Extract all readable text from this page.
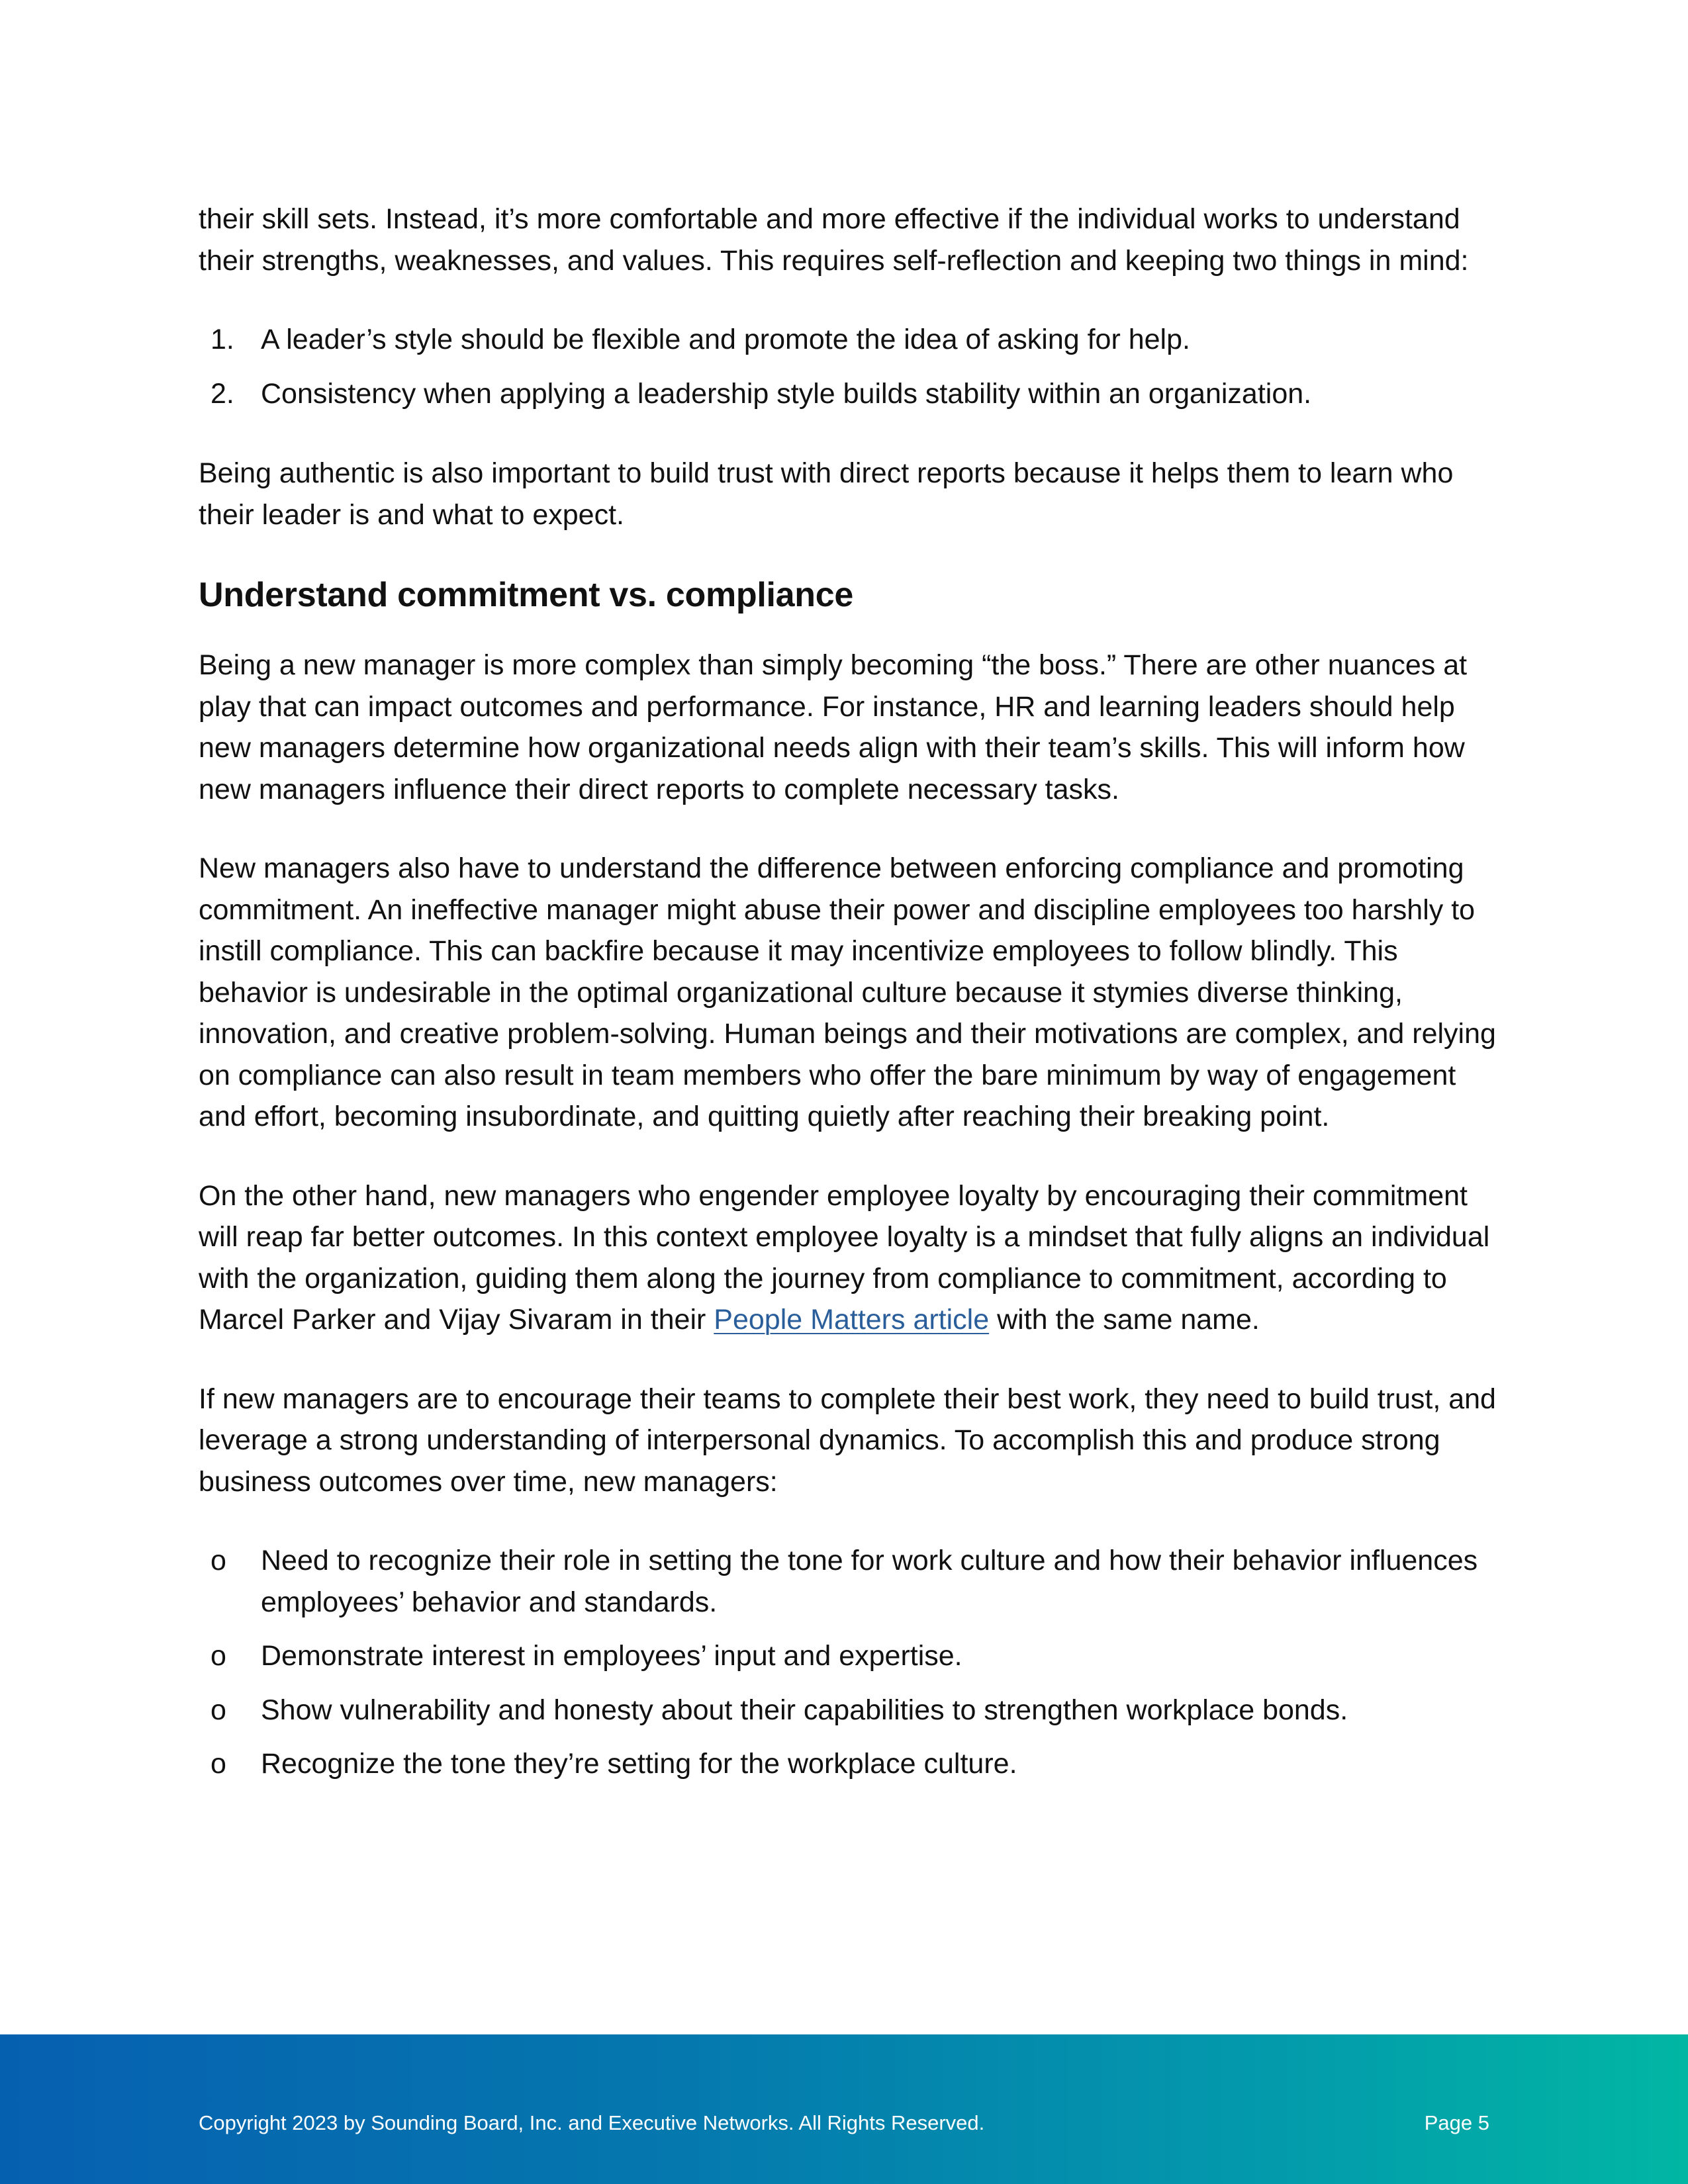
their skill sets. Instead, it’s more comfortable and more effective if the individual works to understand their strengths, weaknesses, and values. This requires self-reflection and keeping two things in mind:

1. A leader’s style should be flexible and promote the idea of asking for help.
2. Consistency when applying a leadership style builds stability within an organization.

Being authentic is also important to build trust with direct reports because it helps them to learn who their leader is and what to expect.

Understand commitment vs. compliance

Being a new manager is more complex than simply becoming “the boss.” There are other nuances at play that can impact outcomes and performance. For instance, HR and learning leaders should help new managers determine how organizational needs align with their team’s skills. This will inform how new managers influence their direct reports to complete necessary tasks.

New managers also have to understand the difference between enforcing compliance and promoting commitment. An ineffective manager might abuse their power and discipline employees too harshly to instill compliance. This can backfire because it may incentivize employees to follow blindly. This behavior is undesirable in the optimal organizational culture because it stymies diverse thinking, innovation, and creative problem-solving. Human beings and their motivations are complex, and relying on compliance can also result in team members who offer the bare minimum by way of engagement and effort, becoming insubordinate, and quitting quietly after reaching their breaking point.

On the other hand, new managers who engender employee loyalty by encouraging their commitment will reap far better outcomes. In this context employee loyalty is a mindset that fully aligns an individual with the organization, guiding them along the journey from compliance to commitment, according to Marcel Parker and Vijay Sivaram in their People Matters article with the same name.

If new managers are to encourage their teams to complete their best work, they need to build trust, and leverage a strong understanding of interpersonal dynamics. To accomplish this and produce strong business outcomes over time, new managers:

o Need to recognize their role in setting the tone for work culture and how their behavior influences employees’ behavior and standards.
o Demonstrate interest in employees’ input and expertise.
o Show vulnerability and honesty about their capabilities to strengthen workplace bonds.
o Recognize the tone they’re setting for the workplace culture.
Copyright 2023 by Sounding Board, Inc. and Executive Networks. All Rights Reserved.	Page 5
